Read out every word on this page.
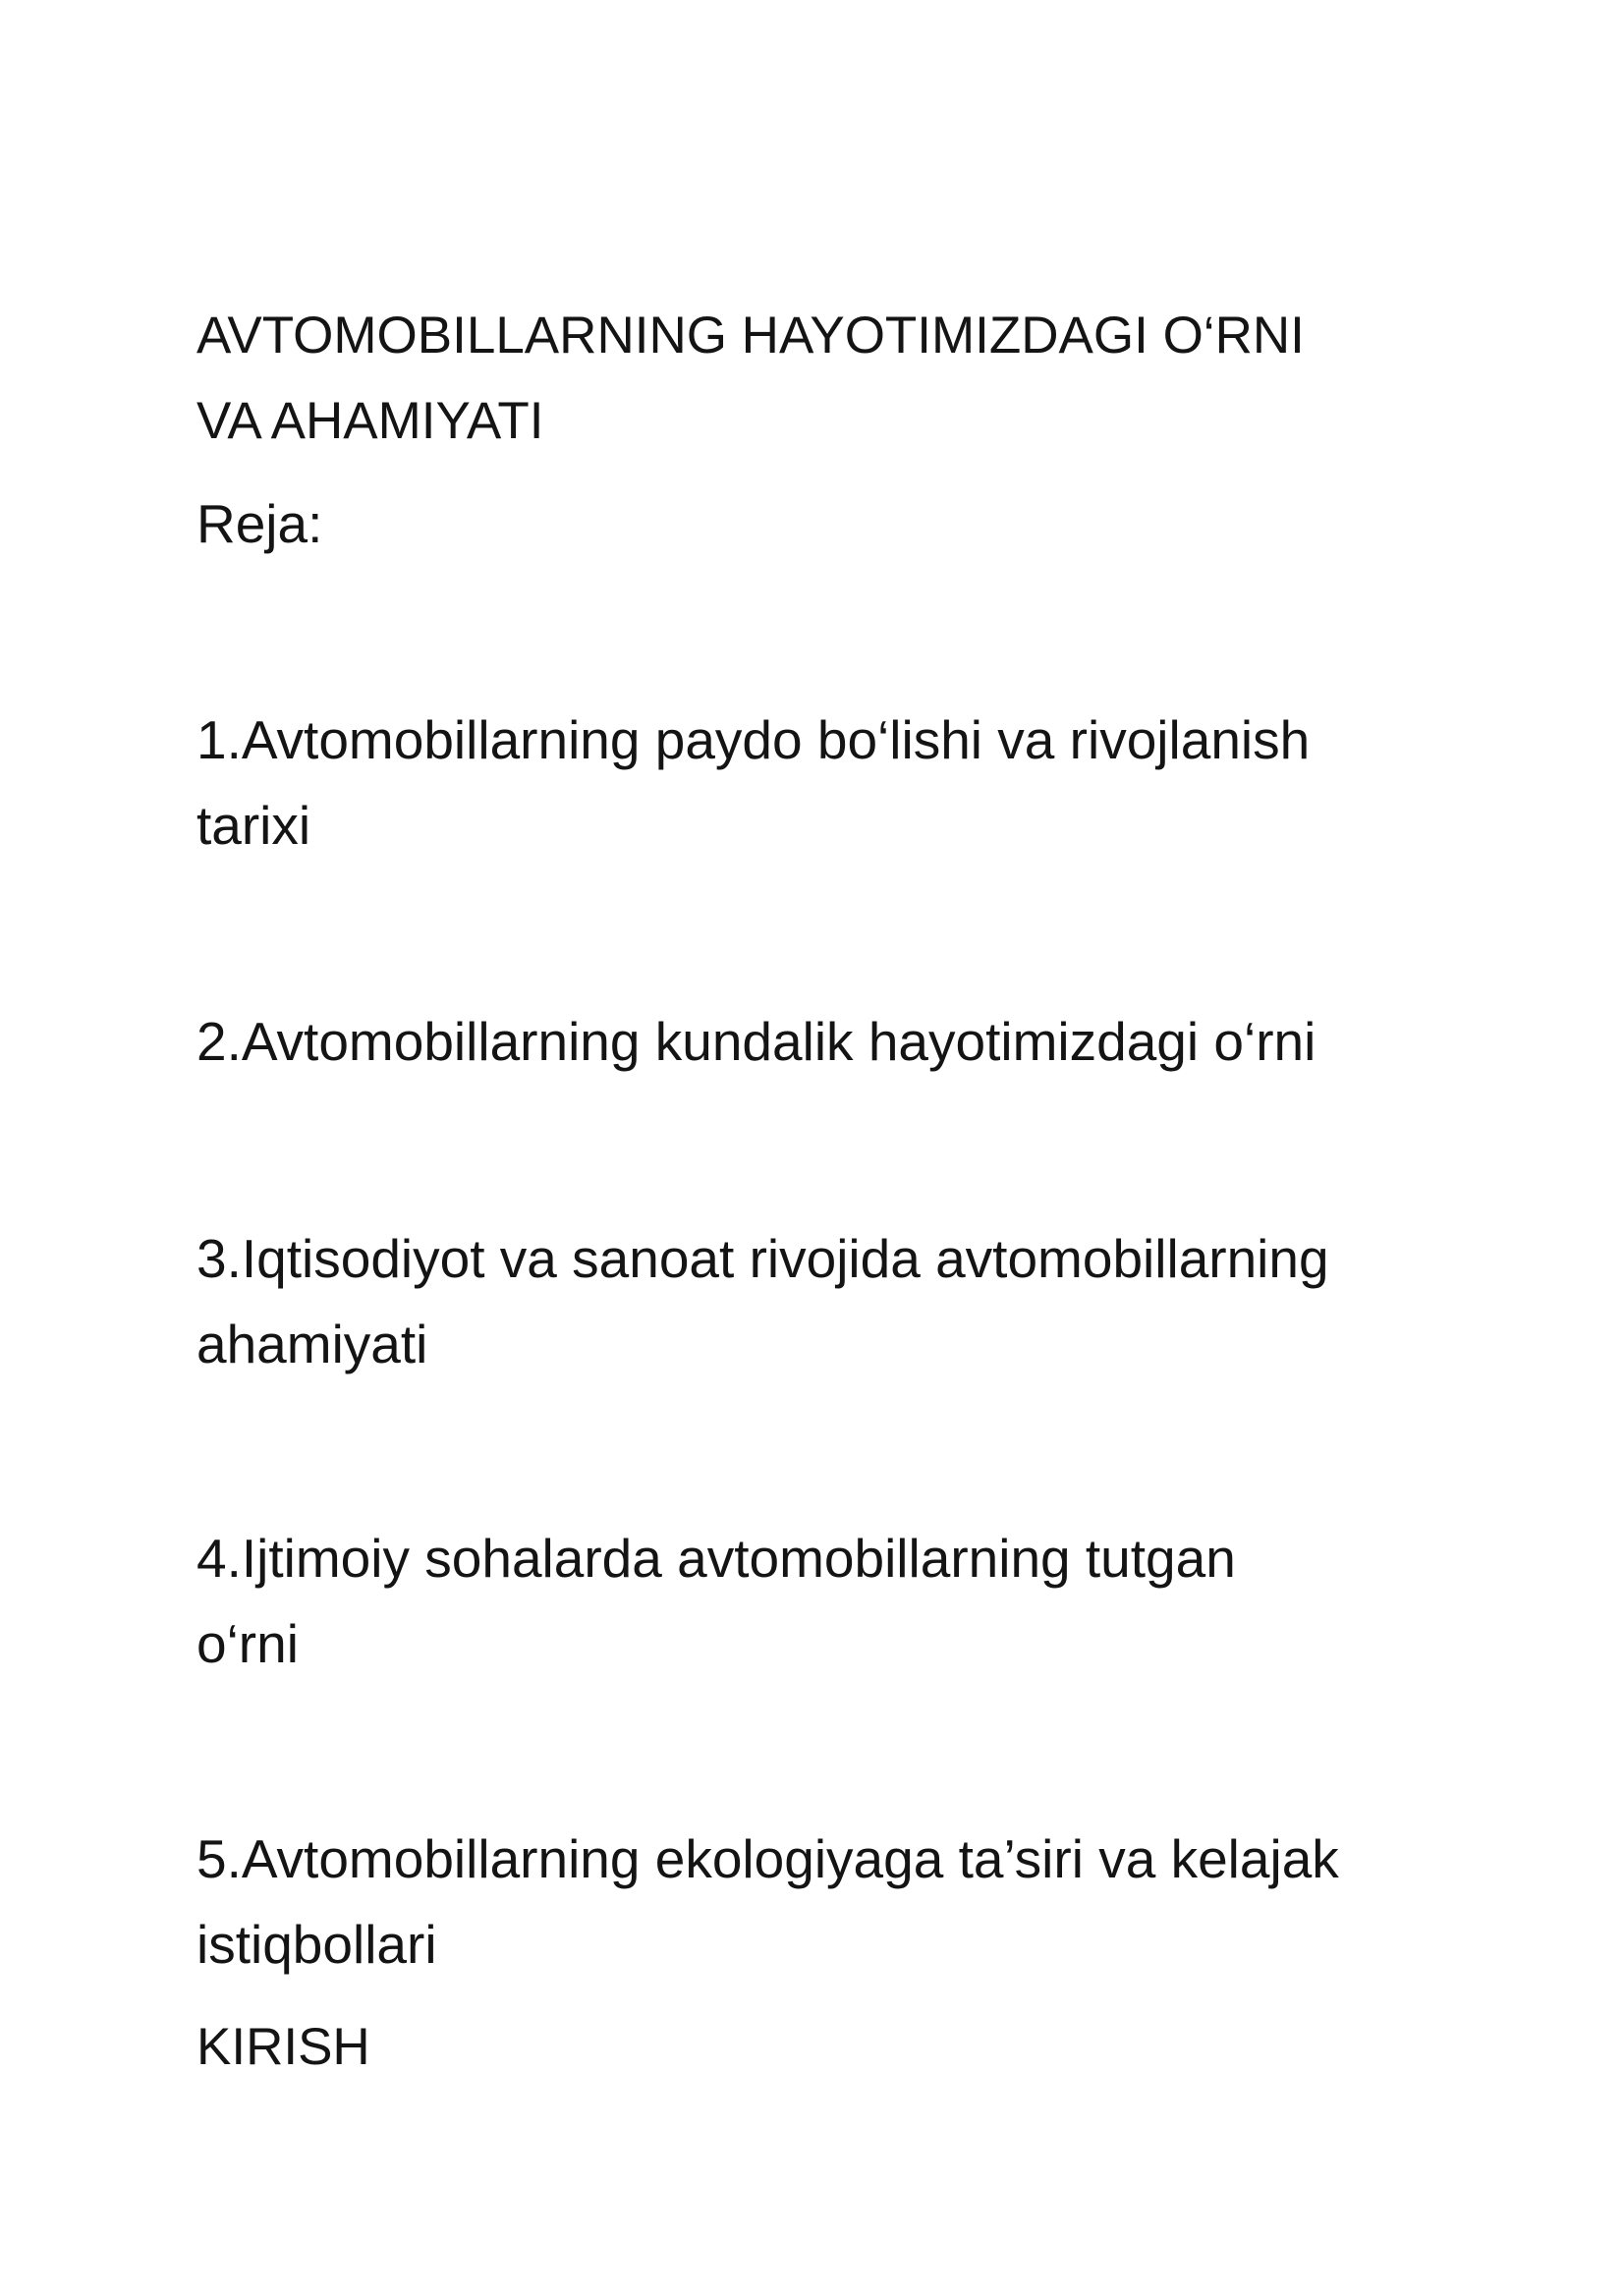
AVTOMOBILLARNING HAYOTIMIZDAGI O‘RNI
VA AHAMIYATI
Reja:
1.Avtomobillarning paydo bo‘lishi va rivojlanish
tarixi
2.Avtomobillarning kundalik hayotimizdagi o‘rni
3.Iqtisodiyot va sanoat rivojida avtomobillarning
ahamiyati
4.Ijtimoiy sohalarda avtomobillarning tutgan
o‘rni
5.Avtomobillarning ekologiyaga ta’siri va kelajak
istiqbollari
KIRISH
